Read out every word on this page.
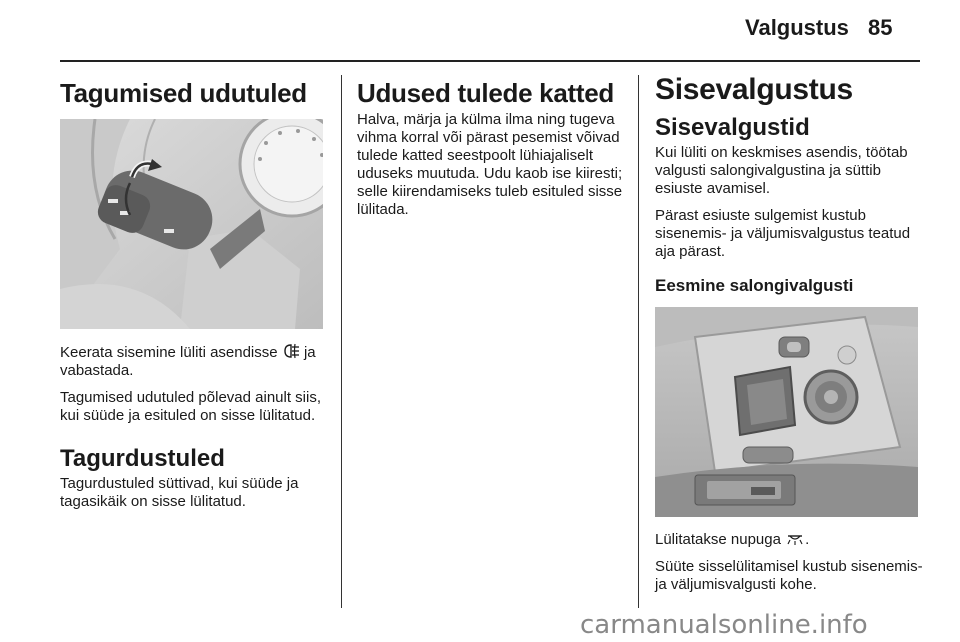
Valgustus 85
Tagumised udutuled

Keerata sisemine lüliti asendisse  ja vabastada.

Tagumised udutuled põlevad ainult siis, kui süüde ja esituled on sisse lülitatud.

Tagurdustuled

Tagurdustuled süttivad, kui süüde ja tagasikäik on sisse lülitatud.

Udused tulede katted

Halva, märja ja külma ilma ning tugeva vihma korral või pärast pesemist võivad tulede katted seestpoolt lühiajaliselt uduseks muutuda. Udu kaob ise kiiresti; selle kiirendamiseks tuleb esituled sisse lülitada.

Sisevalgustus
Sisevalgustid

Kui lüliti on keskmises asendis, töötab valgusti salongivalgustina ja süttib esiuste avamisel.

Pärast esiuste sulgemist kustub sisenemis- ja väljumisvalgustus teatud aja pärast.

Eesmine salongivalgusti

Lülitatakse nupuga .

Süüte sisselülitamisel kustub sisenemis- ja väljumisvalgusti kohe.

carmanualsonline.info
